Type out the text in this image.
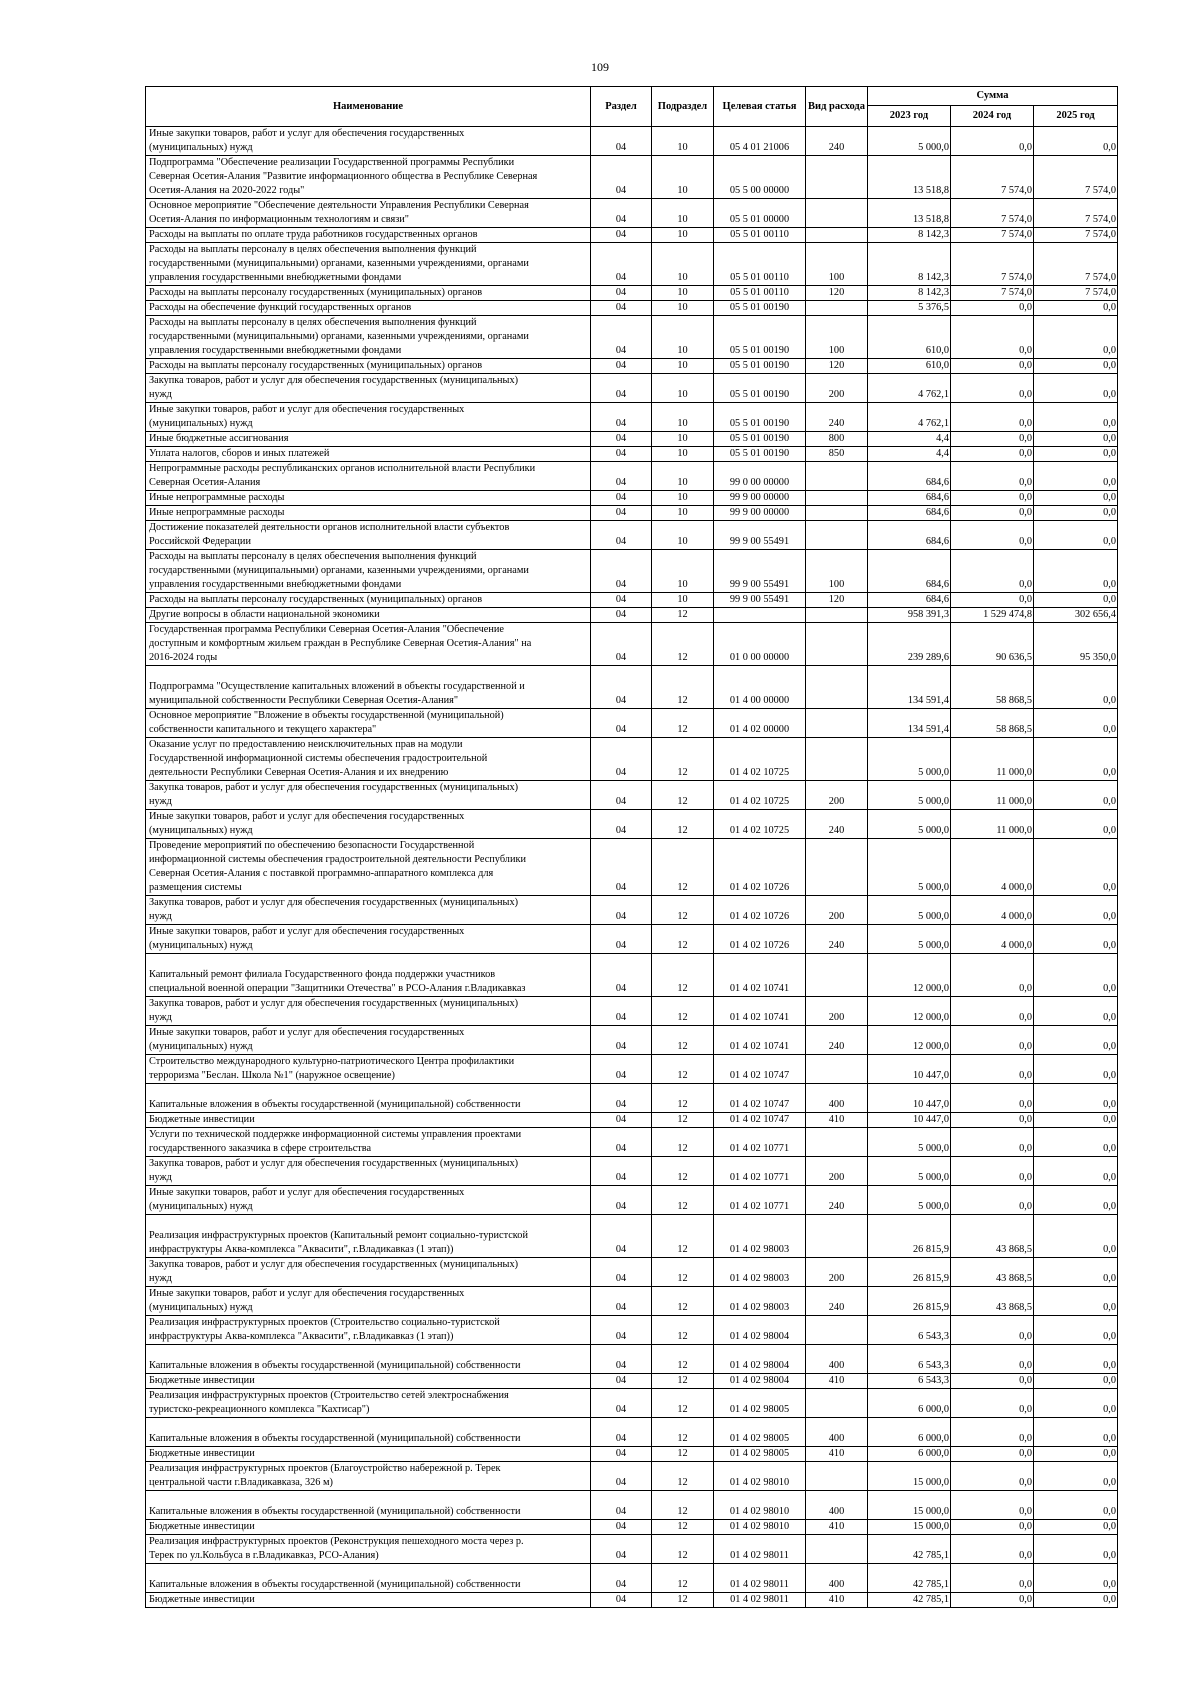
109
Наименование	Раздел	Подраздел	Целевая статья	Вид расхода	Сумма		
					2023 год	2024 год	2025 год

Иные закупки товаров, работ и услуг для обеспечения государственных
(муниципальных) нужд	04	10	05 4 01 21006	240	5 000,0	0,0	0,0

Подпрограмма "Обеспечение реализации Государственной программы Республики
Северная Осетия-Алания "Развитие информационного общества в Республике Северная
Осетия-Алания на 2020-2022 годы"	04	10	05 5 00 00000		13 518,8	7 574,0	7 574,0

Основное мероприятие "Обеспечение деятельности Управления Республики Северная
Осетия-Алания по информационным технологиям и связи"	04	10	05 5 01 00000		13 518,8	7 574,0	7 574,0

Расходы на выплаты по оплате труда работников государственных органов	04	10	05 5 01 00110		8 142,3	7 574,0	7 574,0

Расходы на выплаты персоналу в целях обеспечения выполнения функций
государственными (муниципальными) органами, казенными учреждениями, органами
управления государственными внебюджетными фондами	04	10	05 5 01 00110	100	8 142,3	7 574,0	7 574,0

Расходы на выплаты персоналу государственных (муниципальных) органов	04	10	05 5 01 00110	120	8 142,3	7 574,0	7 574,0

Расходы на обеспечение функций государственных органов	04	10	05 5 01 00190		5 376,5	0,0	0,0

Расходы на выплаты персоналу в целях обеспечения выполнения функций
государственными (муниципальными) органами, казенными учреждениями, органами
управления государственными внебюджетными фондами	04	10	05 5 01 00190	100	610,0	0,0	0,0

Расходы на выплаты персоналу государственных (муниципальных) органов	04	10	05 5 01 00190	120	610,0	0,0	0,0

Закупка товаров, работ и услуг для обеспечения государственных (муниципальных)
нужд	04	10	05 5 01 00190	200	4 762,1	0,0	0,0

Иные закупки товаров, работ и услуг для обеспечения государственных
(муниципальных) нужд	04	10	05 5 01 00190	240	4 762,1	0,0	0,0

Иные бюджетные ассигнования	04	10	05 5 01 00190	800	4,4	0,0	0,0

Уплата налогов, сборов и иных платежей	04	10	05 5 01 00190	850	4,4	0,0	0,0

Непрограммные расходы республиканских органов исполнительной власти Республики
Северная Осетия-Алания	04	10	99 0 00 00000		684,6	0,0	0,0

Иные непрограммные расходы	04	10	99 9 00 00000		684,6	0,0	0,0

Иные непрограммные расходы	04	10	99 9 00 00000		684,6	0,0	0,0

Достижение показателей деятельности органов исполнительной власти субъектов
Российской Федерации	04	10	99 9 00 55491		684,6	0,0	0,0

Расходы на выплаты персоналу в целях обеспечения выполнения функций
государственными (муниципальными) органами, казенными учреждениями, органами
управления государственными внебюджетными фондами	04	10	99 9 00 55491	100	684,6	0,0	0,0

Расходы на выплаты персоналу государственных (муниципальных) органов	04	10	99 9 00 55491	120	684,6	0,0	0,0

Другие вопросы в области национальной экономики	04	12			958 391,3	1 529 474,8	302 656,4

Государственная программа Республики Северная Осетия-Алания "Обеспечение
доступным и комфортным жильем граждан в Республике Северная Осетия-Алания" на
2016-2024 годы	04	12	01 0 00 00000		239 289,6	90 636,5	95 350,0

Подпрограмма "Осуществление капитальных вложений в объекты государственной и
муниципальной собственности Республики Северная Осетия-Алания"	04	12	01 4 00 00000		134 591,4	58 868,5	0,0

Основное мероприятие "Вложение в объекты государственной (муниципальной)
собственности капитального и текущего характера"	04	12	01 4 02 00000		134 591,4	58 868,5	0,0

Оказание услуг по предоставлению неисключительных прав на модули
Государственной информационной системы обеспечения градостроительной
деятельности Республики Северная Осетия-Алания и их внедрению	04	12	01 4 02 10725		5 000,0	11 000,0	0,0

Закупка товаров, работ и услуг для обеспечения государственных (муниципальных)
нужд	04	12	01 4 02 10725	200	5 000,0	11 000,0	0,0

Иные закупки товаров, работ и услуг для обеспечения государственных
(муниципальных) нужд	04	12	01 4 02 10725	240	5 000,0	11 000,0	0,0

Проведение мероприятий по обеспечению безопасности Государственной
информационной системы обеспечения градостроительной деятельности Республики
Северная Осетия-Алания с поставкой программно-аппаратного комплекса для
размещения системы	04	12	01 4 02 10726		5 000,0	4 000,0	0,0

Закупка товаров, работ и услуг для обеспечения государственных (муниципальных)
нужд	04	12	01 4 02 10726	200	5 000,0	4 000,0	0,0

Иные закупки товаров, работ и услуг для обеспечения государственных
(муниципальных) нужд	04	12	01 4 02 10726	240	5 000,0	4 000,0	0,0

Капитальный ремонт филиала Государственного фонда поддержки участников
специальной военной операции "Защитники Отечества" в РСО-Алания г.Владикавказ	04	12	01 4 02 10741		12 000,0	0,0	0,0

Закупка товаров, работ и услуг для обеспечения государственных (муниципальных)
нужд	04	12	01 4 02 10741	200	12 000,0	0,0	0,0

Иные закупки товаров, работ и услуг для обеспечения государственных
(муниципальных) нужд	04	12	01 4 02 10741	240	12 000,0	0,0	0,0

Строительство международного культурно-патриотического Центра профилактики
терроризма "Беслан. Школа №1" (наружное освещение)	04	12	01 4 02 10747		10 447,0	0,0	0,0

Капитальные вложения в объекты государственной (муниципальной) собственности	04	12	01 4 02 10747	400	10 447,0	0,0	0,0

Бюджетные инвестиции	04	12	01 4 02 10747	410	10 447,0	0,0	0,0

Услуги по технической поддержке информационной системы управления проектами
государственного заказчика в сфере строительства	04	12	01 4 02 10771		5 000,0	0,0	0,0

Закупка товаров, работ и услуг для обеспечения государственных (муниципальных)
нужд	04	12	01 4 02 10771	200	5 000,0	0,0	0,0

Иные закупки товаров, работ и услуг для обеспечения государственных
(муниципальных) нужд	04	12	01 4 02 10771	240	5 000,0	0,0	0,0

Реализация инфраструктурных проектов (Капитальный ремонт социально-туристской
инфраструктуры Аква-комплекса "Аквасити", г.Владикавказ (1 этап))	04	12	01 4 02 98003		26 815,9	43 868,5	0,0

Закупка товаров, работ и услуг для обеспечения государственных (муниципальных)
нужд	04	12	01 4 02 98003	200	26 815,9	43 868,5	0,0

Иные закупки товаров, работ и услуг для обеспечения государственных
(муниципальных) нужд	04	12	01 4 02 98003	240	26 815,9	43 868,5	0,0

Реализация инфраструктурных проектов (Строительство социально-туристской
инфраструктуры Аква-комплекса "Аквасити", г.Владикавказ (1 этап))	04	12	01 4 02 98004		6 543,3	0,0	0,0

Капитальные вложения в объекты государственной (муниципальной) собственности	04	12	01 4 02 98004	400	6 543,3	0,0	0,0

Бюджетные инвестиции	04	12	01 4 02 98004	410	6 543,3	0,0	0,0

Реализация инфраструктурных проектов (Строительство сетей электроснабжения
туристско-рекреационного комплекса "Кахтисар")	04	12	01 4 02 98005		6 000,0	0,0	0,0

Капитальные вложения в объекты государственной (муниципальной) собственности	04	12	01 4 02 98005	400	6 000,0	0,0	0,0

Бюджетные инвестиции	04	12	01 4 02 98005	410	6 000,0	0,0	0,0

Реализация инфраструктурных проектов (Благоустройство набережной р. Терек
центральной части г.Владикавказа, 326 м)	04	12	01 4 02 98010		15 000,0	0,0	0,0

Капитальные вложения в объекты государственной (муниципальной) собственности	04	12	01 4 02 98010	400	15 000,0	0,0	0,0

Бюджетные инвестиции	04	12	01 4 02 98010	410	15 000,0	0,0	0,0

Реализация инфраструктурных проектов (Реконструкция пешеходного моста через р.
Терек по ул.Кольбуса в г.Владикавказ, РСО-Алания)	04	12	01 4 02 98011		42 785,1	0,0	0,0

Капитальные вложения в объекты государственной (муниципальной) собственности	04	12	01 4 02 98011	400	42 785,1	0,0	0,0

Бюджетные инвестиции	04	12	01 4 02 98011	410	42 785,1	0,0	0,0
